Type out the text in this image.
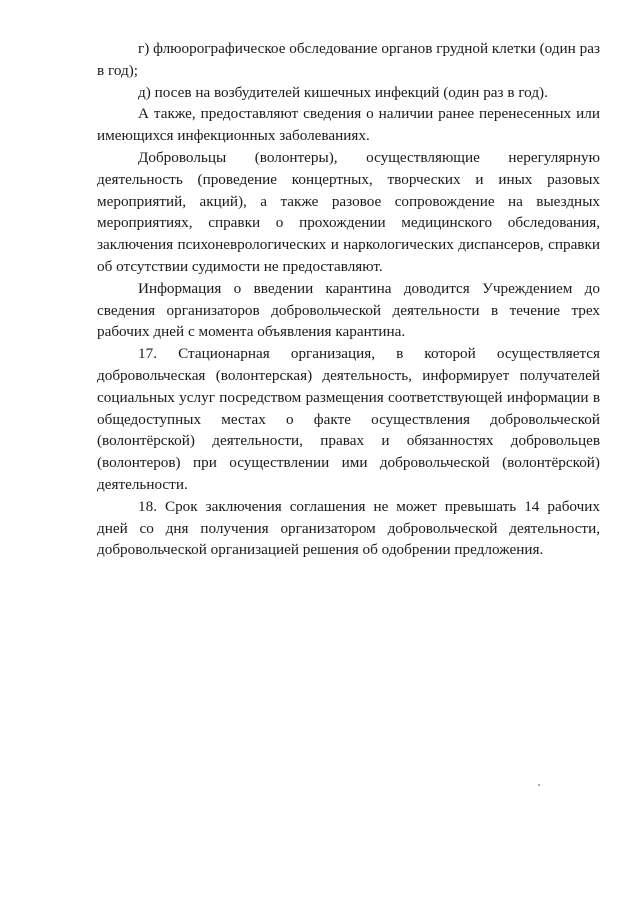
г) флюорографическое обследование органов грудной клетки (один раз в год);

д) посев на возбудителей кишечных инфекций (один раз в год).

А также, предоставляют сведения о наличии ранее перенесенных или имеющихся инфекционных заболеваниях.

Добровольцы (волонтеры), осуществляющие нерегулярную деятельность (проведение концертных, творческих и иных разовых мероприятий, акций), а также разовое сопровождение на выездных мероприятиях, справки о прохождении медицинского обследования, заключения психоневрологических и наркологических диспансеров, справки об отсутствии судимости не предоставляют.

Информация о введении карантина доводится Учреждением до сведения организаторов добровольческой деятельности в течение трех рабочих дней с момента объявления карантина.

17. Стационарная организация, в которой осуществляется добровольческая (волонтерская) деятельность, информирует получателей социальных услуг посредством размещения соответствующей информации в общедоступных местах о факте осуществления добровольческой (волонтёрской) деятельности, правах и обязанностях добровольцев (волонтеров) при осуществлении ими добровольческой (волонтёрской) деятельности.

18. Срок заключения соглашения не может превышать 14 рабочих дней со дня получения организатором добровольческой деятельности, добровольческой организацией решения об одобрении предложения.
